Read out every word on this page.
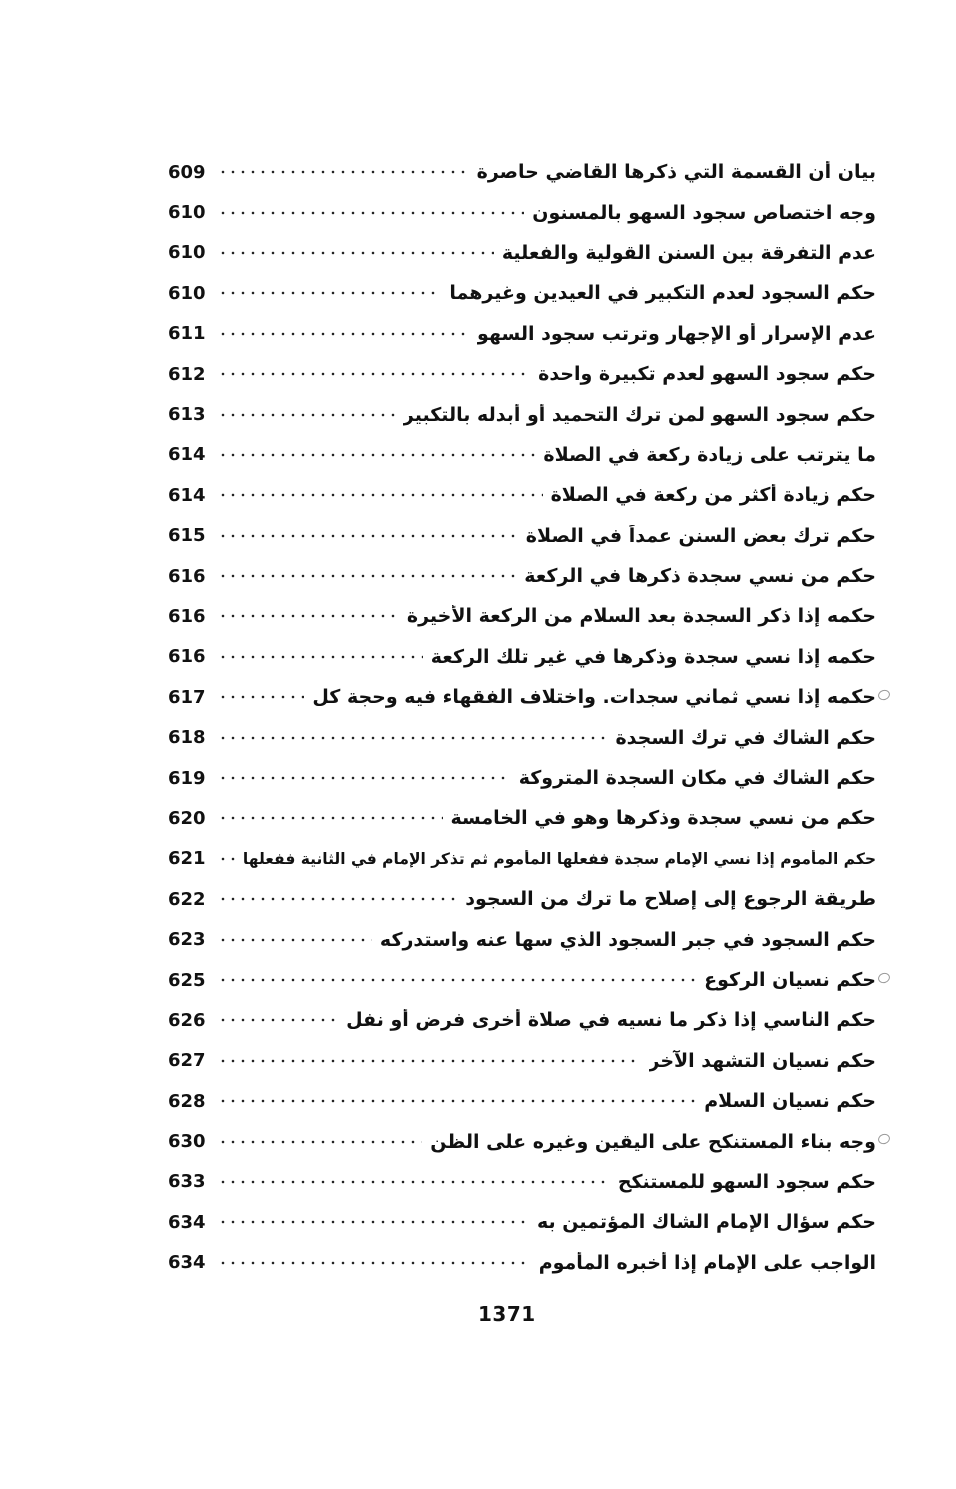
بيان أن القسمة التي ذكرها القاضي حاصرة
609
وجه اختصاص سجود السهو بالمسنون
610
عدم التفرقة بين السنن القولية والفعلية
610
حكم السجود لعدم التكبير في العيدين وغيرهما
610
عدم الإسرار أو الإجهار وترتب سجود السهو
611
حكم سجود السهو لعدم تكبيرة واحدة
612
حكم سجود السهو لمن ترك التحميد أو أبدله بالتكبير
613
ما يترتب على زيادة ركعة في الصلاة
614
حكم زيادة أكثر من ركعة في الصلاة
614
حكم ترك بعض السنن عمداً في الصلاة
615
حكم من نسي سجدة ذكرها في الركعة
616
حكمه إذا ذكر السجدة بعد السلام من الركعة الأخيرة
616
حكمه إذا نسي سجدة وذكرها في غير تلك الركعة
616
حكمه إذا نسي ثماني سجدات. واختلاف الفقهاء فيه وحجة كل
617
حكم الشاك في ترك السجدة
618
حكم الشاك في مكان السجدة المتروكة
619
حكم من نسي سجدة وذكرها وهو في الخامسة
620
حكم المأموم إذا نسي الإمام سجدة ففعلها المأموم ثم تذكر الإمام في الثانية ففعلها
621
طريقة الرجوع إلى إصلاح ما ترك من السجود
622
حكم السجود في جبر السجود الذي سها عنه واستدركه
623
حكم نسيان الركوع
625
حكم الناسي إذا ذكر ما نسيه في صلاة أخرى فرض أو نفل
626
حكم نسيان التشهد الآخر
627
حكم نسيان السلام
628
وجه بناء المستنكح على اليقين وغيره على الظن
630
حكم سجود السهو للمستنكح
633
حكم سؤال الإمام الشاك المؤتمين به
634
الواجب على الإمام إذا أخبره المأموم
634
1371
